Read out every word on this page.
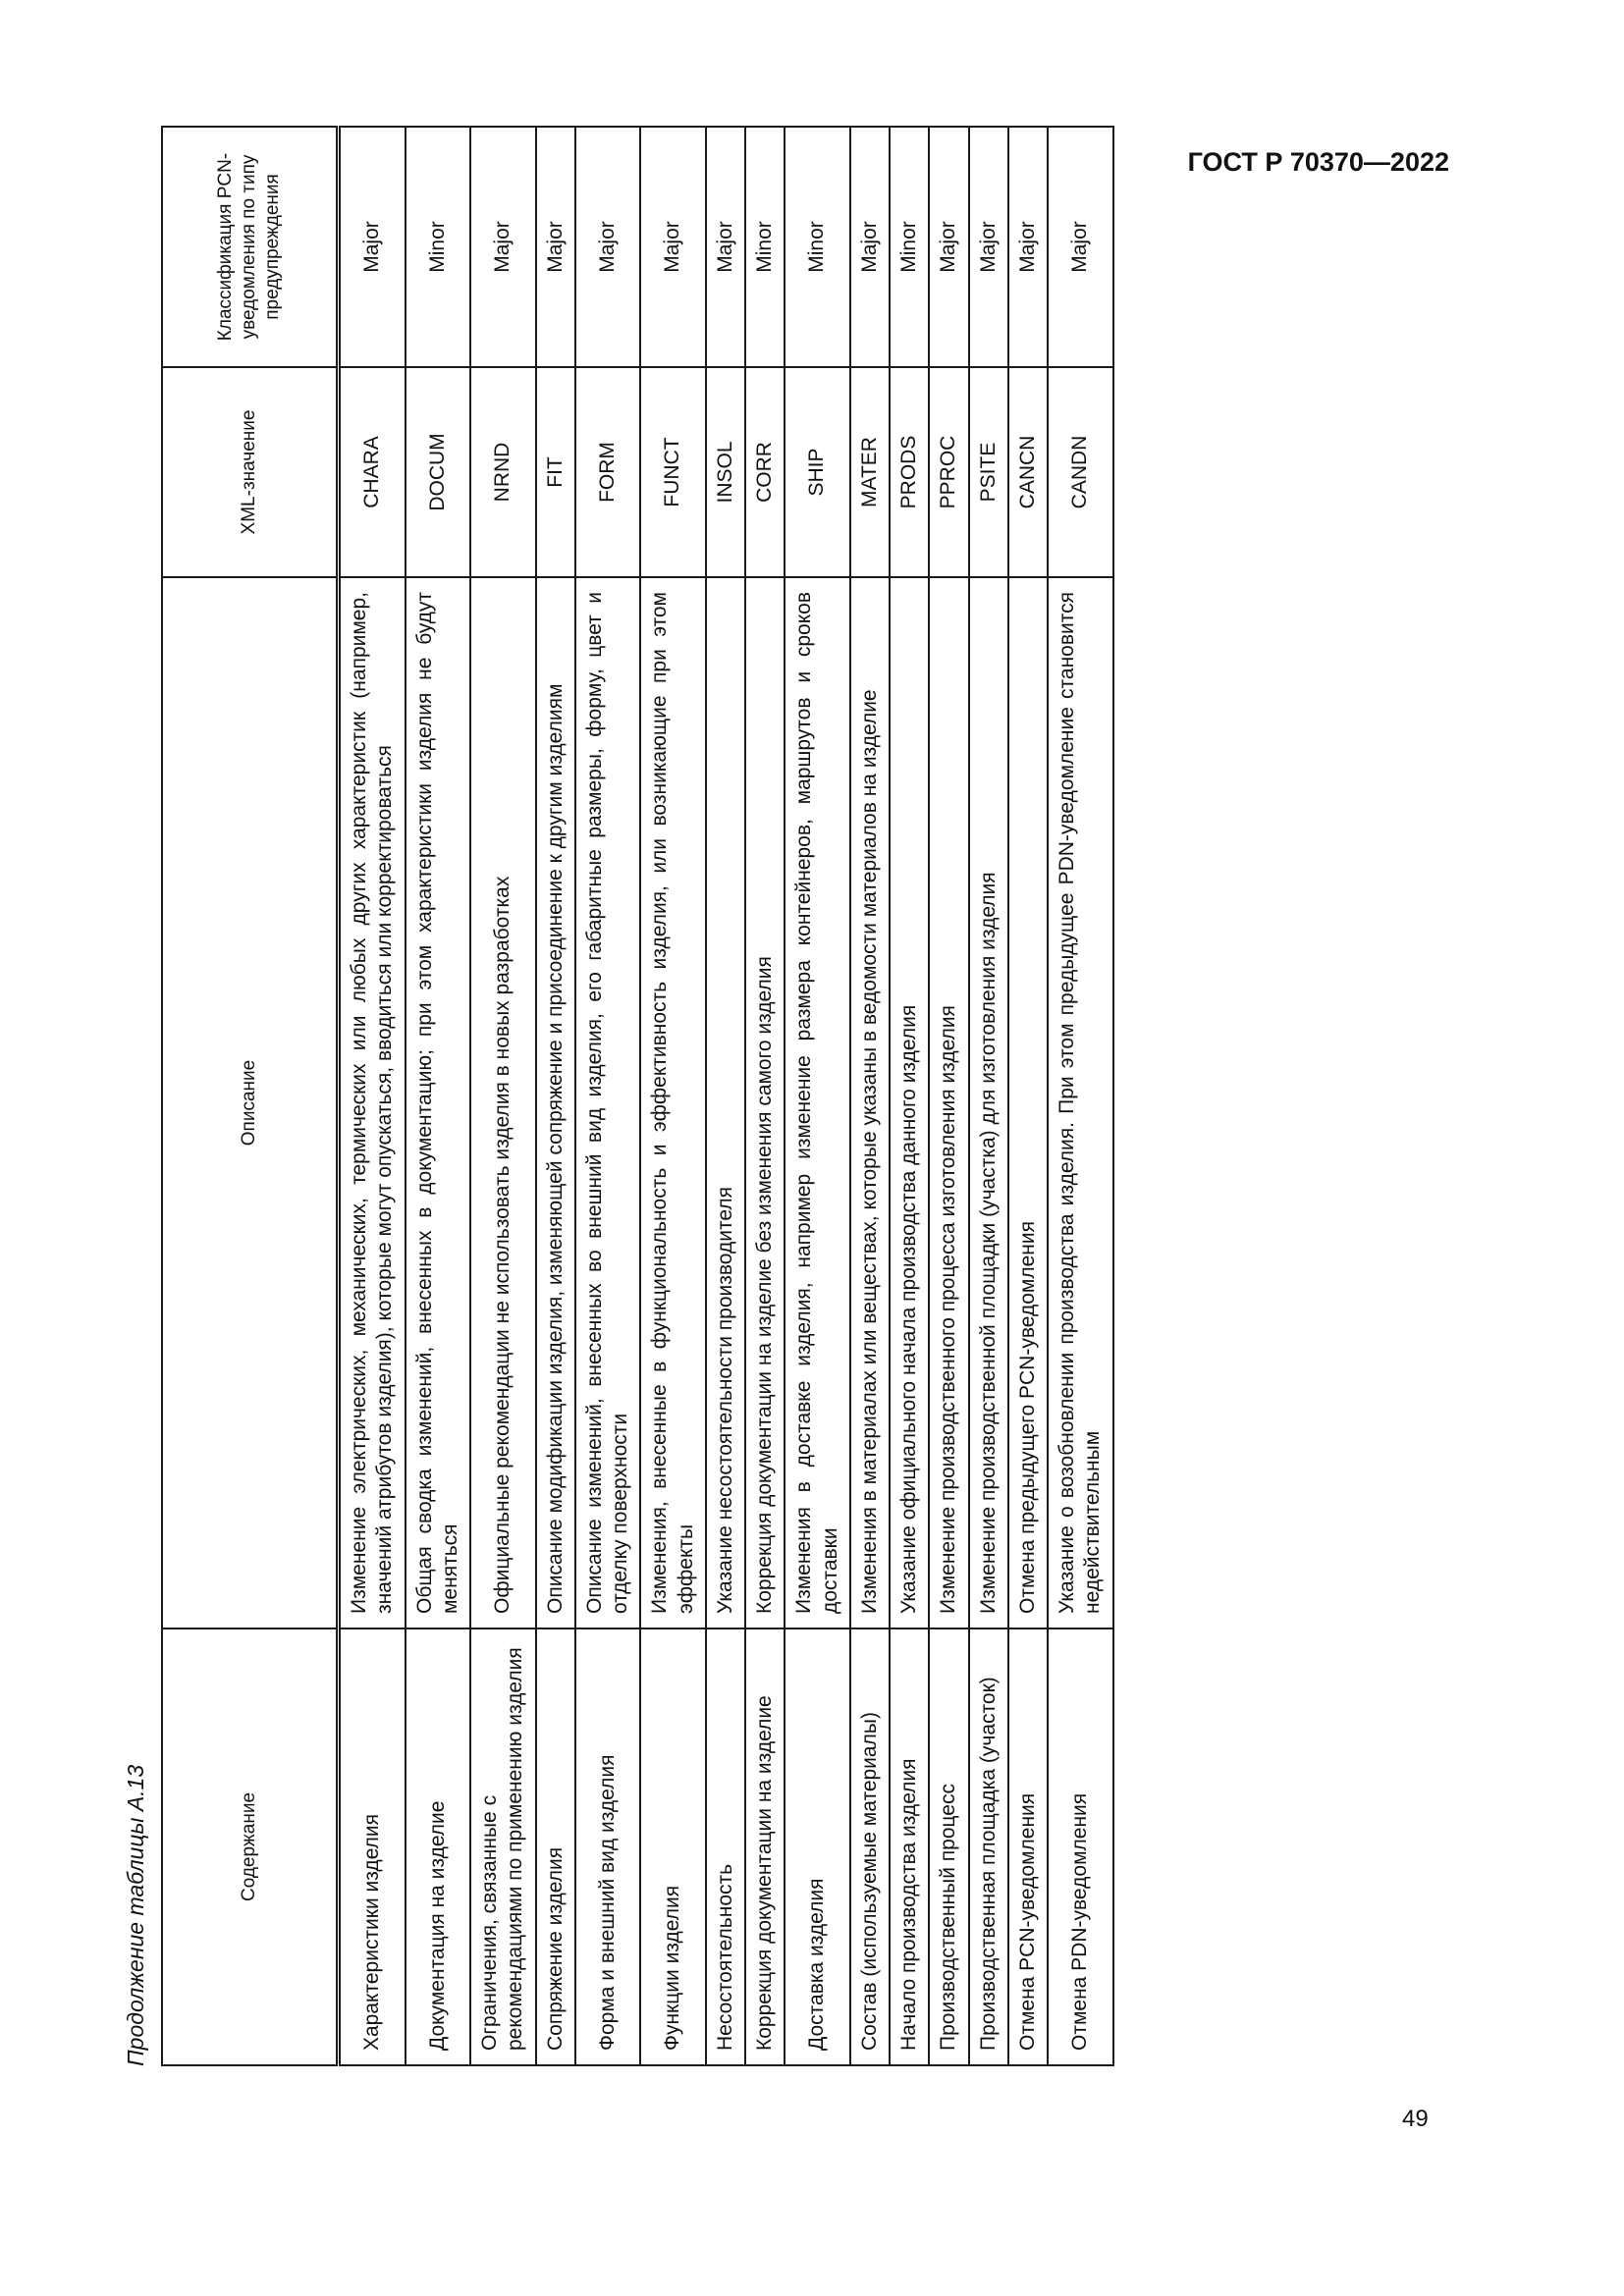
ГОСТ Р 70370—2022
Продолжение таблицы А.13	Содержание	Описание	XML-значение	Классификация PCN-уведомления по типу предупреждения
Характеристики изделия	Изменение электрических, механических, термических или любых других характеристик (например, значений атрибутов изделия), которые могут опускаться, вводиться или корректироваться	CHARA	Major
Документация на изделие	Общая сводка изменений, внесенных в документацию; при этом характеристики изделия не будут меняться	DOCUM	Minor
Ограничения, связанные с рекомендациями по применению изделия	Официальные рекомендации не использовать изделия в новых разработках	NRND	Major
Сопряжение изделия	Описание модификации изделия, изменяющей сопряжение и присоединение к другим изделиям	FIT	Major
Форма и внешний вид изделия	Описание изменений, внесенных во внешний вид изделия, его габаритные размеры, форму, цвет и отделку поверхности	FORM	Major
Функции изделия	Изменения, внесенные в функциональность и эффективность изделия, или возникающие при этом эффекты	FUNCT	Major
Несостоятельность	Указание несостоятельности производителя	INSOL	Major
Коррекция документации на изделие	Коррекция документации на изделие без изменения самого изделия	CORR	Minor
Доставка изделия	Изменения в доставке изделия, например изменение размера контейнеров, маршрутов и сроков доставки	SHIP	Minor
Состав (используемые материалы)	Изменения в материалах или веществах, которые указаны в ведомости материалов на изделие	MATER	Major
Начало производства изделия	Указание официального начала производства данного изделия	PRODS	Minor
Производственный процесс	Изменение производственного процесса изготовления изделия	PPROC	Major
Производственная площадка (участок)	Изменение производственной площадки (участка) для изготовления изделия	PSITE	Major
Отмена PCN-уведомления	Отмена предыдущего PCN-уведомления	CANCN	Major
Отмена PDN-уведомления	Указание о возобновлении производства изделия. При этом предыдущее PDN-уведомление становится недействительным	CANDN	Major
49
